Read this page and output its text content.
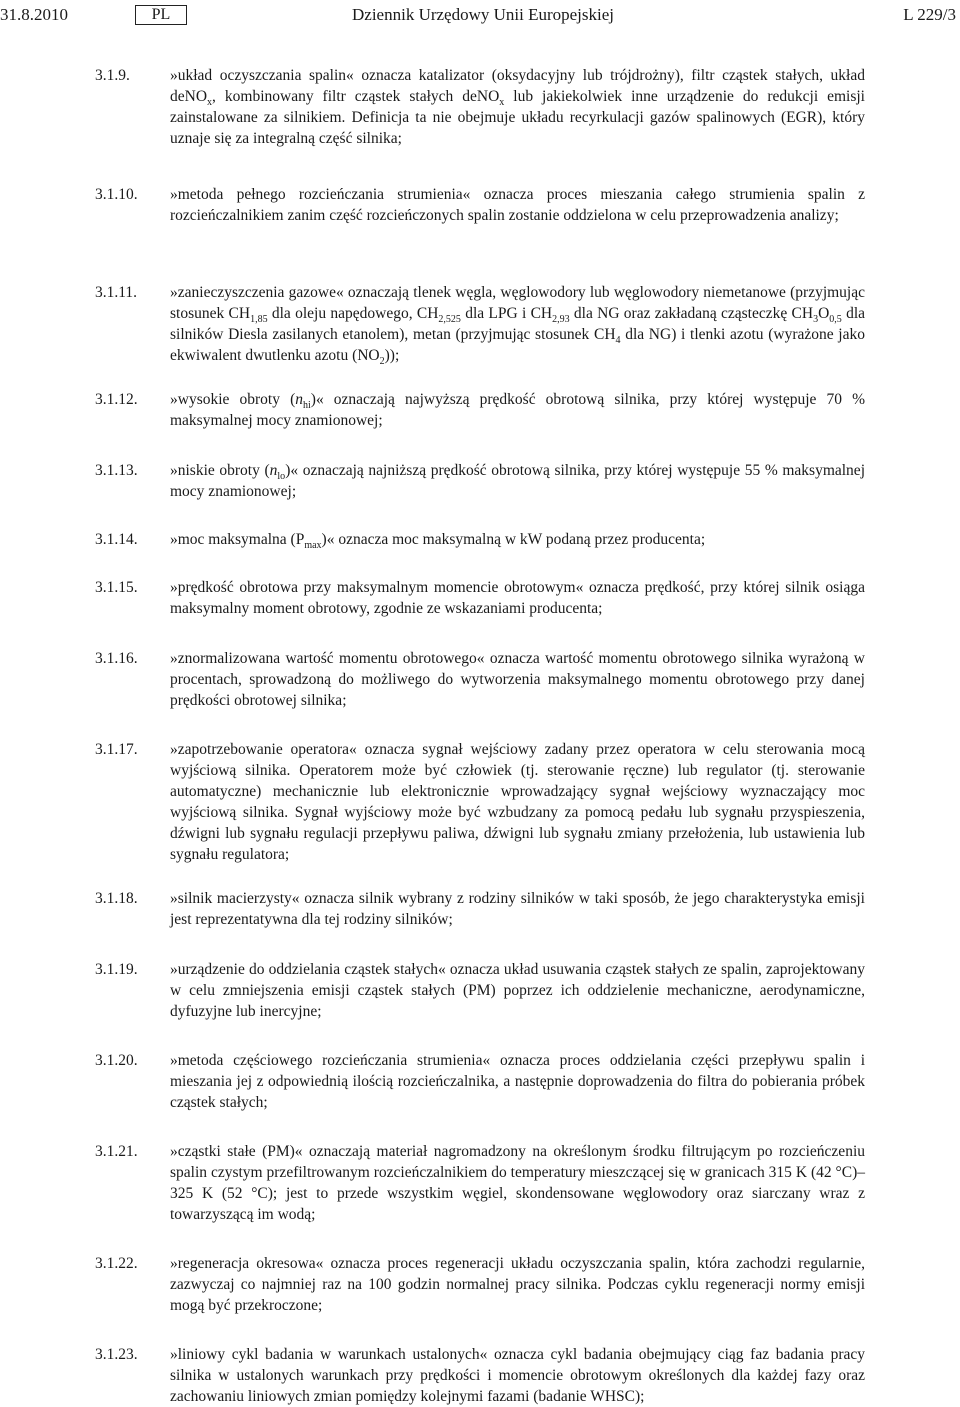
31.8.2010	PL	Dziennik Urzędowy Unii Europejskiej	L 229/3
3.1.9.	»układ oczyszczania spalin« oznacza katalizator (oksydacyjny lub trójdrożny), filtr cząstek stałych, układ deNO$_x$, kombinowany filtr cząstek stałych deNO$_x$ lub jakiekolwiek inne urządzenie do redukcji emisji zainstalowane za silnikiem. Definicja ta nie obejmuje układu recyrkulacji gazów spalinowych (EGR), który uznaje się za integralną część silnika;
3.1.10. »metoda pełnego rozcieńczania strumienia« oznacza proces mieszania całego strumienia spalin z rozcieńczalnikiem zanim część rozcieńczonych spalin zostanie oddzielona w celu przeprowadzenia analizy;
3.1.11. »zanieczyszczenia gazowe« oznaczają tlenek węgla, węglowodory lub węglowodory niemetanowe (przyjmując stosunek $CH_{1,85}$ dla oleju napędowego, $CH_{2,525}$ dla LPG i $CH_{2,93}$ dla NG oraz zakładaną cząsteczkę $CH_3O_{0,5}$ dla silników Diesla zasilanych etanolem), metan (przyjmując stosunek $CH_4$ dla NG) i tlenki azotu (wyrażone jako ekwiwalent dwutlenku azotu $(NO_2)$);
3.1.12. »wysokie obroty $(n_{hi})«$ oznaczają najwyższą prędkość obrotową silnika, przy której występuje 70 % maksymalnej mocy znamionowej;
3.1.13. »niskie obroty $(n_{lo})«$ oznaczają najniższą prędkość obrotową silnika, przy której występuje 55 % maksymalnej mocy znamionowej;
3.1.14. »moc maksymalna $(P_{max})«$ oznacza moc maksymalną w kW podaną przez producenta;
3.1.15. »prędkość obrotowa przy maksymalnym momencie obrotowym« oznacza prędkość, przy której silnik osiąga maksymalny moment obrotowy, zgodnie ze wskazaniami producenta;
3.1.16. »znormalizowana wartość momentu obrotowego« oznacza wartość momentu obrotowego silnika wyrażoną w procentach, sprowadzoną do możliwego do wytworzenia maksymalnego momentu obrotowego przy danej prędkości obrotowej silnika;
3.1.17. »zapotrzebowanie operatora« oznacza sygnał wejściowy zadany przez operatora w celu sterowania mocą wyjściową silnika. Operatorem może być człowiek (tj. sterowanie ręczne) lub regulator (tj. sterowanie automatyczne) mechanicznie lub elektronicznie wprowadzający sygnał wejściowy wyznaczający moc wyjściową silnika. Sygnał wyjściowy może być wzbudzany za pomocą pedału lub sygnału przyspieszenia, dźwigni lub sygnału regulacji przepływu paliwa, dźwigni lub sygnału zmiany przełożenia, lub ustawienia lub sygnału regulatora;
3.1.18. »silnik macierzysty« oznacza silnik wybrany z rodziny silników w taki sposób, że jego charakterystyka emisji jest reprezentatywna dla tej rodziny silników;
3.1.19. »urządzenie do oddzielania cząstek stałych« oznacza układ usuwania cząstek stałych ze spalin, zaprojektowany w celu zmniejszenia emisji cząstek stałych (PM) poprzez ich oddzielenie mechaniczne, aerodynamiczne, dyfuzyjne lub inercyjne;
3.1.20. »metoda częściowego rozcieńczania strumienia« oznacza proces oddzielania części przepływu spalin i mieszania jej z odpowiednią ilością rozcieńczalnika, a następnie doprowadzenia do filtra do pobierania próbek cząstek stałych;
3.1.21. »cząstki stałe (PM)« oznaczają materiał nagromadzony na określonym środku filtrującym po rozcieńczeniu spalin czystym przefiltrowanym rozcieńczalnikiem do temperatury mieszczącej się w granicach 315 K (42 °C)–325 K (52 °C); jest to przede wszystkim węgiel, skondensowane węglowodory oraz siarczany wraz z towarzyszącą im wodą;
3.1.22. »regeneracja okresowa« oznacza proces regeneracji układu oczyszczania spalin, która zachodzi regularnie, zazwyczaj co najmniej raz na 100 godzin normalnej pracy silnika. Podczas cyklu regeneracji normy emisji mogą być przekroczone;
3.1.23. »liniowy cykl badania w warunkach ustalonych« oznacza cykl badania obejmujący ciąg faz badania pracy silnika w ustalonych warunkach przy prędkości i momencie obrotowym określonych dla każdej fazy oraz zachowaniu liniowych zmian pomiędzy kolejnymi fazami (badanie WHSC);
